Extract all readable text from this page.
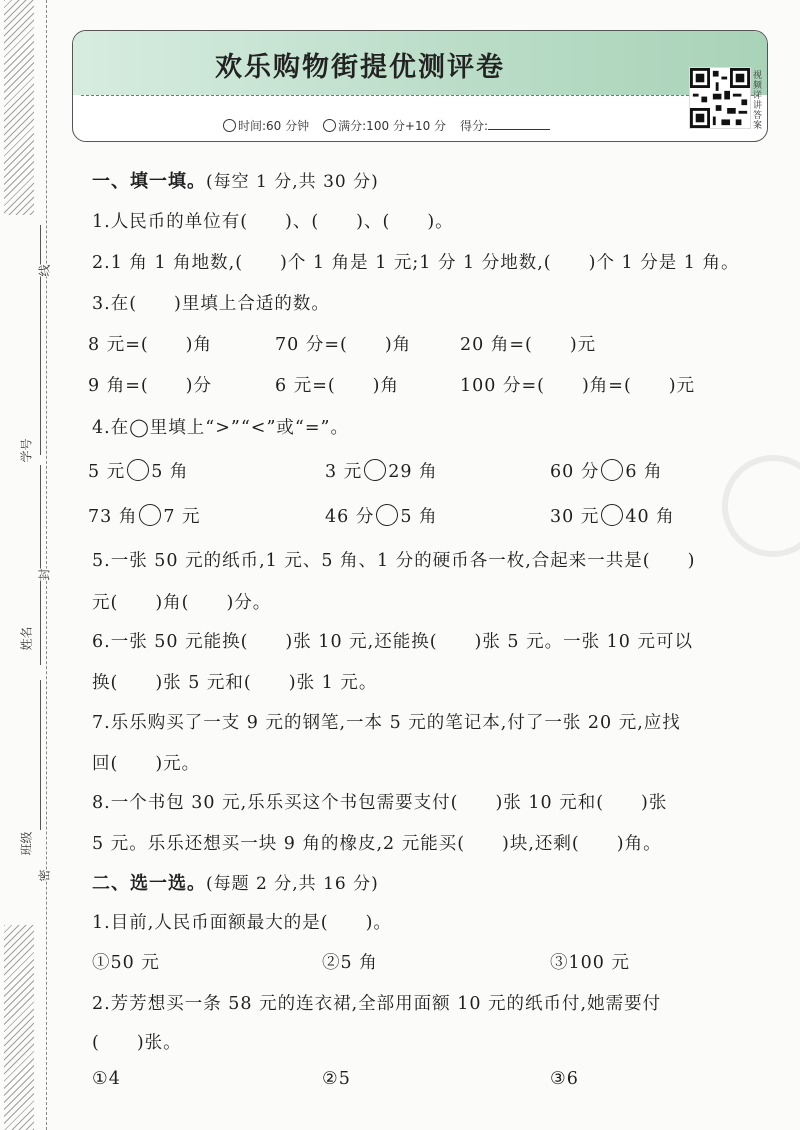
线
封
密
学号
姓名
班级
欢乐购物街提优测评卷
时间:60 分钟	满分:100 分+10 分 得分:
视频详讲答案
一、填一填。(每空 1 分,共 30 分)
1.人民币的单位有(　　)、(　　)、(　　)。
2.1 角 1 角地数,(　　)个 1 角是 1 元;1 分 1 分地数,(　　)个 1 分是 1 角。
3.在(　　)里填上合适的数。
8 元=(　　)角	70 分=(　　)角	20 角=(　　)元
9 角=(　　)分	6 元=(　　)角	100 分=(　　)角=(　　)元
4.在◯里填上“>”“<”或“=”。
5 元 5 角	3 元 29 角	60 分 6 角
73 角 7 元	46 分 5 角	30 元 40 角
5.一张 50 元的纸币,1 元、5 角、1 分的硬币各一枚,合起来一共是(　　)
元(　　)角(　　)分。
6.一张 50 元能换(　　)张 10 元,还能换(　　)张 5 元。一张 10 元可以
换(　　)张 5 元和(　　)张 1 元。
7.乐乐购买了一支 9 元的钢笔,一本 5 元的笔记本,付了一张 20 元,应找
回(　　)元。
8.一个书包 30 元,乐乐买这个书包需要支付(　　)张 10 元和(　　)张
5 元。乐乐还想买一块 9 角的橡皮,2 元能买(　　)块,还剩(　　)角。
二、选一选。(每题 2 分,共 16 分)
1.目前,人民币面额最大的是(　　)。
①50 元	②5 角	③100 元
2.芳芳想买一条 58 元的连衣裙,全部用面额 10 元的纸币付,她需要付
(　　)张。
①4	②5	③6
